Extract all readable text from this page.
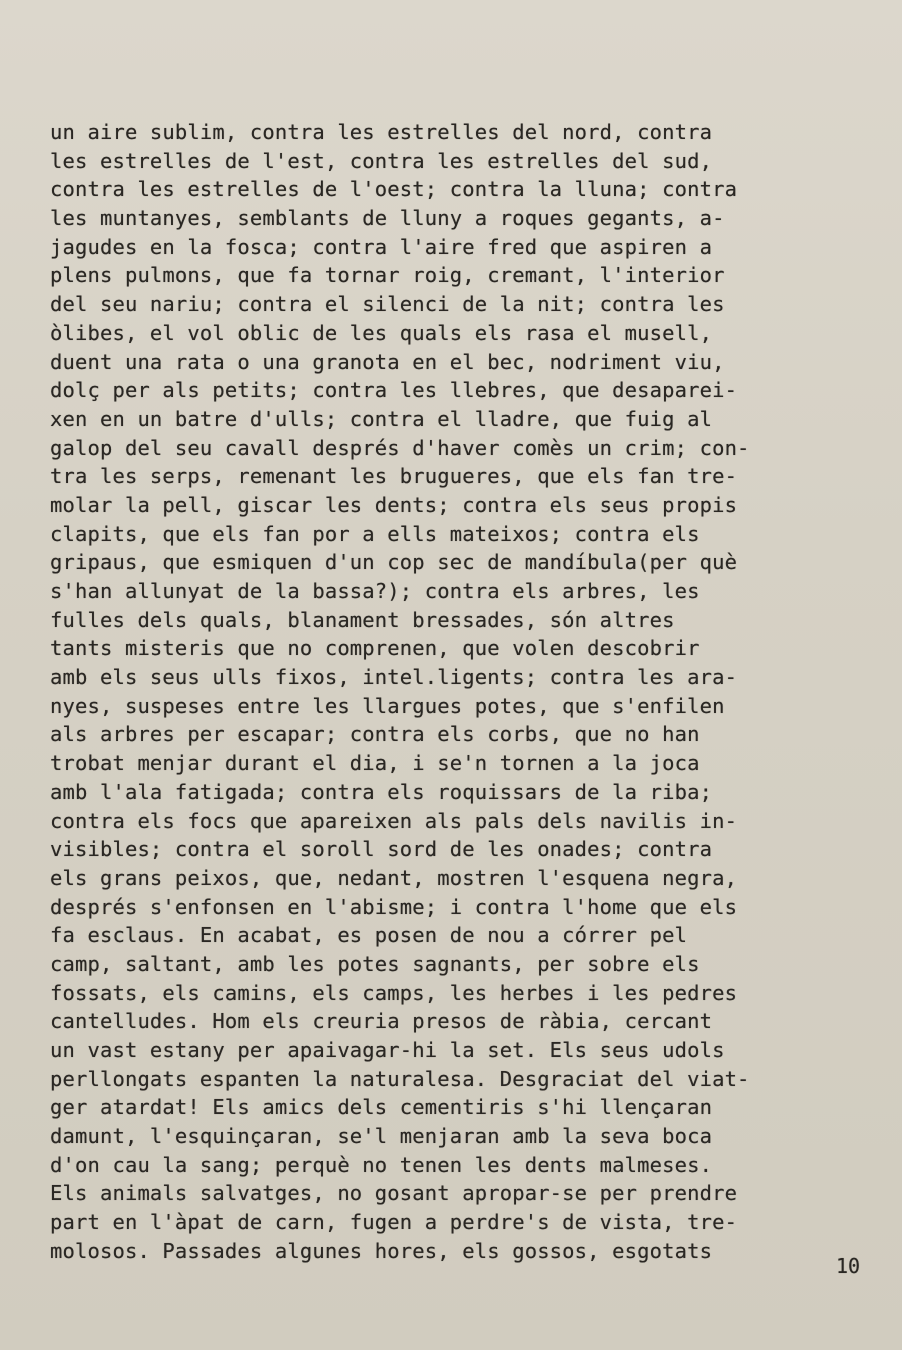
un aire sublim, contra les estrelles del nord, contra
les estrelles de l'est, contra les estrelles del sud,
contra les estrelles de l'oest; contra la lluna; contra
les muntanyes, semblants de lluny a roques gegants, a-
jagudes en la fosca; contra l'aire fred que aspiren a
plens pulmons, que fa tornar roig, cremant, l'interior
del seu nariu; contra el silenci de la nit; contra les
òlibes, el vol oblic de les quals els rasa el musell,
duent una rata o una granota en el bec, nodriment viu,
dolç per als petits; contra les llebres, que desaparei-
xen en un batre d'ulls; contra el lladre, que fuig al
galop del seu cavall després d'haver comès un crim; con-
tra les serps, remenant les brugueres, que els fan tre-
molar la pell, giscar les dents; contra els seus propis
clapits, que els fan por a ells mateixos; contra els
gripaus, que esmiquen d'un cop sec de mandíbula(per què
s'han allunyat de la bassa?); contra els arbres, les
fulles dels quals, blanament bressades, són altres
tants misteris que no comprenen, que volen descobrir
amb els seus ulls fixos, intel.ligents; contra les ara-
nyes, suspeses entre les llargues potes, que s'enfilen
als arbres per escapar; contra els corbs, que no han
trobat menjar durant el dia, i se'n tornen a la joca
amb l'ala fatigada; contra els roquissars de la riba;
contra els focs que apareixen als pals dels navilis in-
visibles; contra el soroll sord de les onades; contra
els grans peixos, que, nedant, mostren l'esquena negra,
després s'enfonsen en l'abisme; i contra l'home que els
fa esclaus. En acabat, es posen de nou a córrer pel
camp, saltant, amb les potes sagnants, per sobre els
fossats, els camins, els camps, les herbes i les pedres
cantelludes. Hom els creuria presos de ràbia, cercant
un vast estany per apaivagar-hi la set. Els seus udols
perllongats espanten la naturalesa. Desgraciat del viat-
ger atardat! Els amics dels cementiris s'hi llençaran
damunt, l'esquinçaran, se'l menjaran amb la seva boca
d'on cau la sang; perquè no tenen les dents malmeses.
Els animals salvatges, no gosant apropar-se per prendre
part en l'àpat de carn, fugen a perdre's de vista, tre-
molosos. Passades algunes hores, els gossos, esgotats
10
